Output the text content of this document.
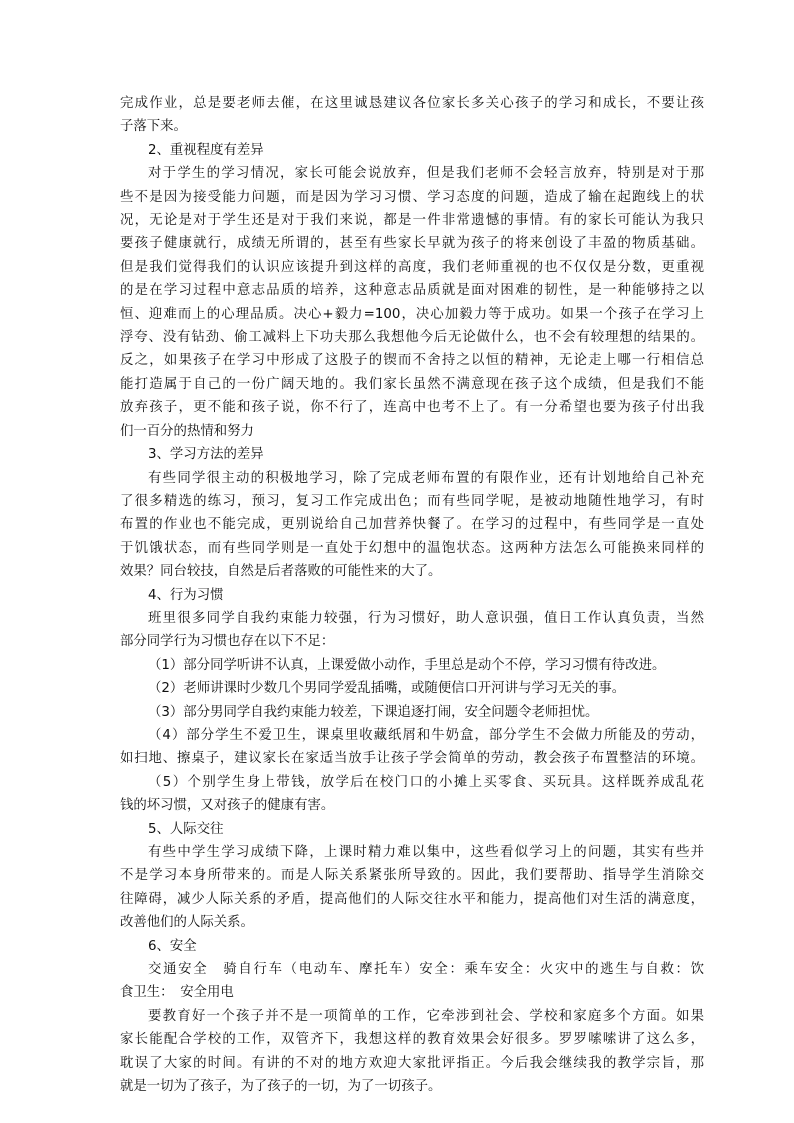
完成作业，总是要老师去催，在这里诚恳建议各位家长多关心孩子的学习和成长，不要让孩
子落下来。
2、重视程度有差异
对于学生的学习情况，家长可能会说放弃，但是我们老师不会轻言放弃，特别是对于那
些不是因为接受能力问题，而是因为学习习惯、学习态度的问题，造成了输在起跑线上的状
况，无论是对于学生还是对于我们来说，都是一件非常遗憾的事情。有的家长可能认为我只
要孩子健康就行，成绩无所谓的，甚至有些家长早就为孩子的将来创设了丰盈的物质基础。
但是我们觉得我们的认识应该提升到这样的高度，我们老师重视的也不仅仅是分数，更重视
的是在学习过程中意志品质的培养，这种意志品质就是面对困难的韧性，是一种能够持之以
恒、迎难而上的心理品质。决心+毅力=100，决心加毅力等于成功。如果一个孩子在学习上
浮夸、没有钻劲、偷工减料上下功夫那么我想他今后无论做什么，也不会有较理想的结果的。
反之，如果孩子在学习中形成了这股子的锲而不舍持之以恒的精神，无论走上哪一行相信总
能打造属于自己的一份广阔天地的。我们家长虽然不满意现在孩子这个成绩，但是我们不能
放弃孩子，更不能和孩子说，你不行了，连高中也考不上了。有一分希望也要为孩子付出我
们一百分的热情和努力
3、学习方法的差异
有些同学很主动的积极地学习，除了完成老师布置的有限作业，还有计划地给自己补充
了很多精选的练习，预习，复习工作完成出色；而有些同学呢，是被动地随性地学习，有时
布置的作业也不能完成，更别说给自己加营养快餐了。在学习的过程中，有些同学是一直处
于饥饿状态，而有些同学则是一直处于幻想中的温饱状态。这两种方法怎么可能换来同样的
效果？同台较技，自然是后者落败的可能性来的大了。
4、行为习惯
班里很多同学自我约束能力较强，行为习惯好，助人意识强，值日工作认真负责，当然
部分同学行为习惯也存在以下不足：
（1）部分同学听讲不认真，上课爱做小动作，手里总是动个不停，学习习惯有待改进。
（2）老师讲课时少数几个男同学爱乱插嘴，或随便信口开河讲与学习无关的事。
（3）部分男同学自我约束能力较差，下课追逐打闹，安全问题令老师担忧。
（4）部分学生不爱卫生，课桌里收藏纸屑和牛奶盒，部分学生不会做力所能及的劳动，
如扫地、擦桌子，建议家长在家适当放手让孩子学会简单的劳动，教会孩子布置整洁的环境。
（5）个别学生身上带钱，放学后在校门口的小摊上买零食、买玩具。这样既养成乱花
钱的坏习惯，又对孩子的健康有害。
5、人际交往
有些中学生学习成绩下降，上课时精力难以集中，这些看似学习上的问题，其实有些并
不是学习本身所带来的。而是人际关系紧张所导致的。因此，我们要帮助、指导学生消除交
往障碍，减少人际关系的矛盾，提高他们的人际交往水平和能力，提高他们对生活的满意度，
改善他们的人际关系。
6、安全
交通安全　骑自行车（电动车、摩托车）安全：乘车安全：火灾中的逃生与自救：饮
食卫生：　安全用电
要教育好一个孩子并不是一项简单的工作，它牵涉到社会、学校和家庭多个方面。如果
家长能配合学校的工作，双管齐下，我想这样的教育效果会好很多。罗罗嗦嗦讲了这么多，
耽误了大家的时间。有讲的不对的地方欢迎大家批评指正。今后我会继续我的教学宗旨，那
就是一切为了孩子，为了孩子的一切，为了一切孩子。
